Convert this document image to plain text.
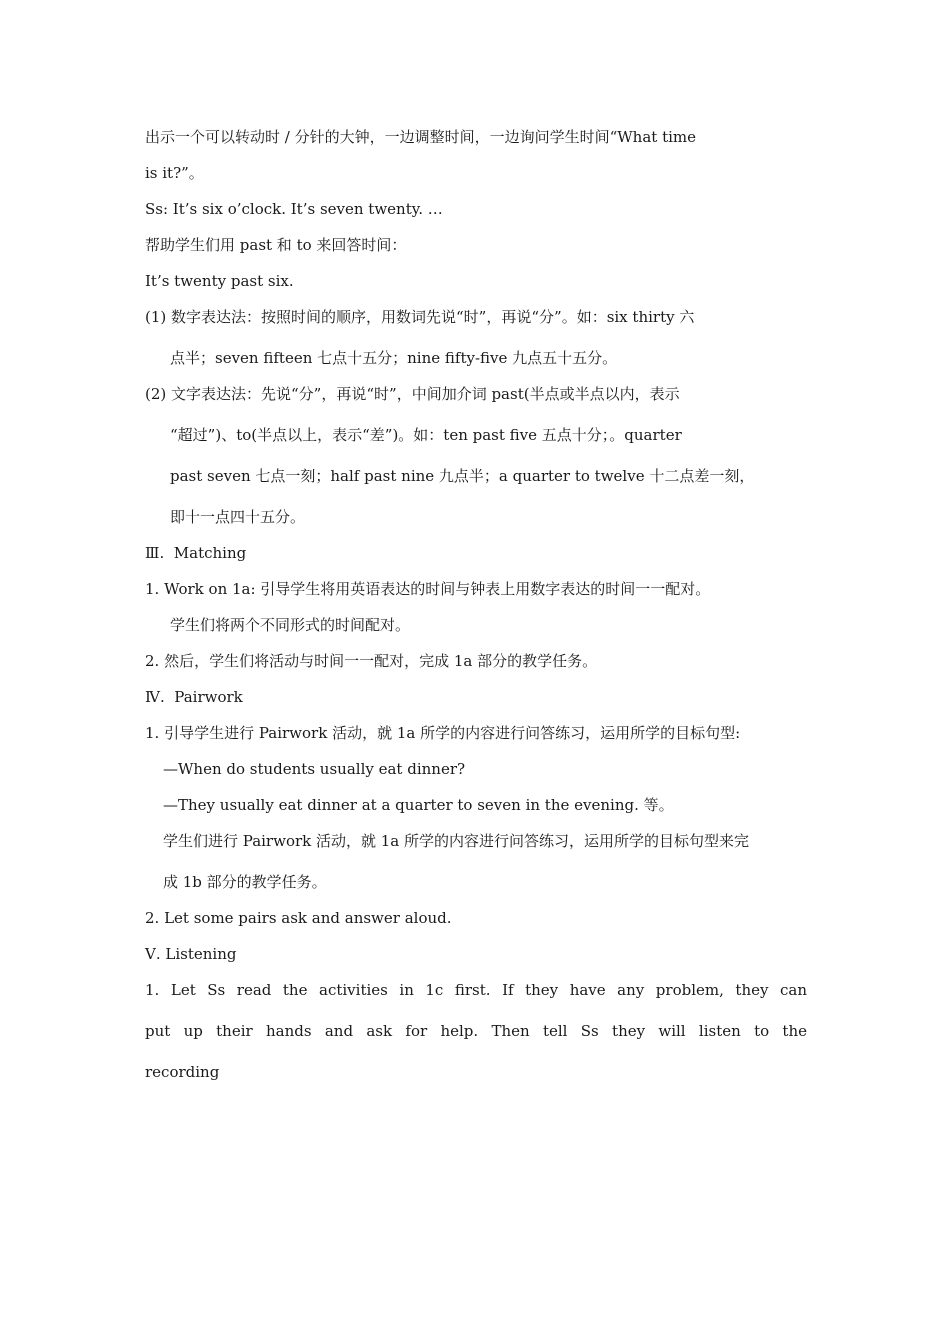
出示一个可以转动时 / 分针的大钟，一边调整时间，一边询问学生时间“What time

is it?”。

Ss: It’s six o’clock. It’s seven twenty. …

帮助学生们用 past 和 to 来回答时间：

It’s twenty past six.

(1) 数字表达法：按照时间的顺序，用数词先说“时”，再说“分”。如：six thirty 六

点半；seven fifteen 七点十五分；nine fifty-five 九点五十五分。

(2) 文字表达法：先说“分”，再说“时”，中间加介词 past(半点或半点以内，表示

“超过”)、to(半点以上，表示“差”)。如：ten past five 五点十分；。quarter

past seven 七点一刻；half past nine 九点半；a quarter to twelve 十二点差一刻，

即十一点四十五分。

Ⅲ.  Matching

1. Work on 1a: 引导学生将用英语表达的时间与钟表上用数字表达的时间一一配对。

学生们将两个不同形式的时间配对。

2. 然后，学生们将活动与时间一一配对，完成 1a 部分的教学任务。

Ⅳ.  Pairwork

1. 引导学生进行 Pairwork 活动，就 1a 所学的内容进行问答练习，运用所学的目标句型:

—When do students usually eat dinner?

—They usually eat dinner at a quarter to seven in the evening. 等。

学生们进行 Pairwork 活动，就 1a 所学的内容进行问答练习，运用所学的目标句型来完

成 1b 部分的教学任务。

2. Let some pairs ask and answer aloud.

Ⅴ. Listening

1. Let Ss read the activities in 1c first. If they have any problem, they can

put up their hands and ask for help. Then tell Ss they will listen to the

recording
